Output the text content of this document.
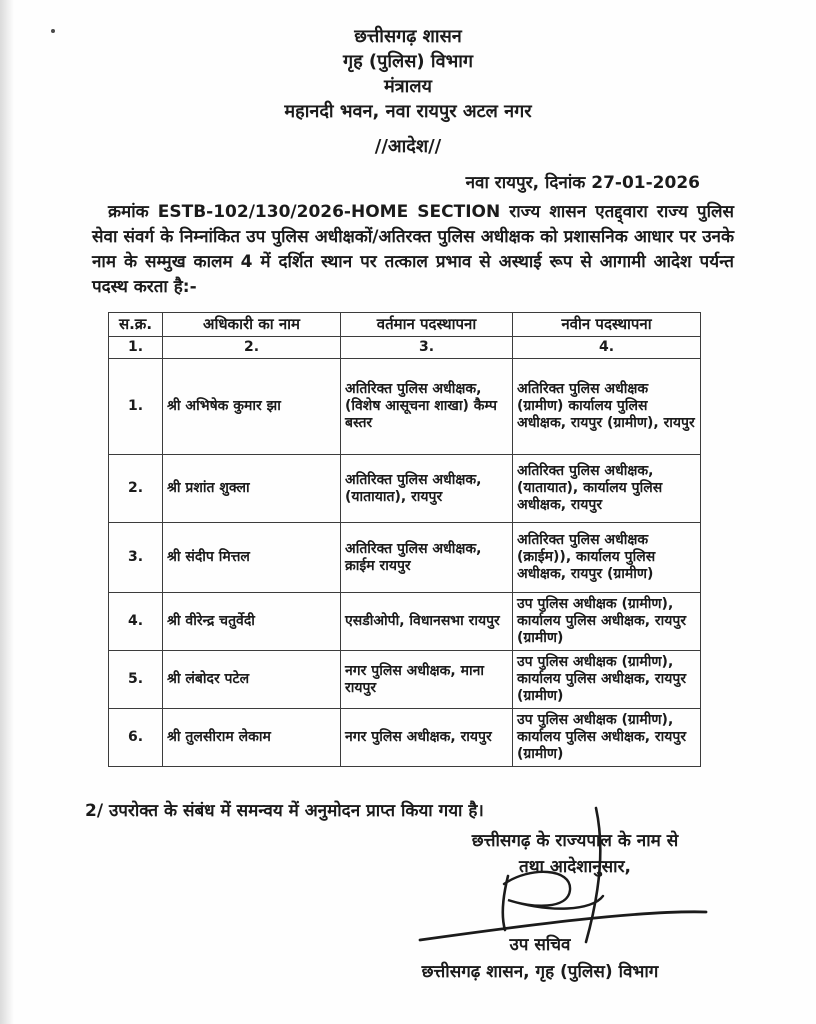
छत्तीसगढ़ शासन
गृह (पुलिस) विभाग
मंत्रालय
महानदी भवन, नवा रायपुर अटल नगर
//आदेश//
नवा रायपुर, दिनांक 27-01-2026
क्रमांक ESTB-102/130/2026-HOME SECTION राज्य शासन एतद्द्वारा राज्य पुलिस सेवा संवर्ग के निम्नांकित उप पुलिस अधीक्षकों/अतिरक्त पुलिस अधीक्षक को प्रशासनिक आधार पर उनके नाम के सम्मुख कालम 4 में दर्शित स्थान पर तत्काल प्रभाव से अस्थाई रूप से आगामी आदेश पर्यन्त पदस्थ करता है:-
स.क्र.	अधिकारी का नाम	वर्तमान पदस्थापना	नवीन पदस्थापना
1.	2.	3.	4.
1.	श्री अभिषेक कुमार झा	अतिरिक्त पुलिस अधीक्षक, (विशेष आसूचना शाखा) कैम्प बस्तर	अतिरिक्त पुलिस अधीक्षक (ग्रामीण) कार्यालय पुलिस अधीक्षक, रायपुर (ग्रामीण), रायपुर
2.	श्री प्रशांत शुक्ला	अतिरिक्त पुलिस अधीक्षक, (यातायात), रायपुर	अतिरिक्त पुलिस अधीक्षक, (यातायात), कार्यालय पुलिस अधीक्षक, रायपुर
3.	श्री संदीप मित्तल	अतिरिक्त पुलिस अधीक्षक, क्राईम रायपुर	अतिरिक्त पुलिस अधीक्षक (क्राईम)), कार्यालय पुलिस अधीक्षक, रायपुर (ग्रामीण)
4.	श्री वीरेन्द्र चतुर्वेदी	एसडीओपी, विधानसभा रायपुर	उप पुलिस अधीक्षक (ग्रामीण), कार्यालय पुलिस अधीक्षक, रायपुर (ग्रामीण)
5.	श्री लंबोदर पटेल	नगर पुलिस अधीक्षक, माना रायपुर	उप पुलिस अधीक्षक (ग्रामीण), कार्यालय पुलिस अधीक्षक, रायपुर (ग्रामीण)
6.	श्री तुलसीराम लेकाम	नगर पुलिस अधीक्षक, रायपुर	उप पुलिस अधीक्षक (ग्रामीण), कार्यालय पुलिस अधीक्षक, रायपुर (ग्रामीण)
2/ उपरोक्त के संबंध में समन्वय में अनुमोदन प्राप्त किया गया है।
छत्तीसगढ़ के राज्यपाल के नाम से
तथा आदेशानुसार,
उप सचिव
छत्तीसगढ़ शासन, गृह (पुलिस) विभाग
